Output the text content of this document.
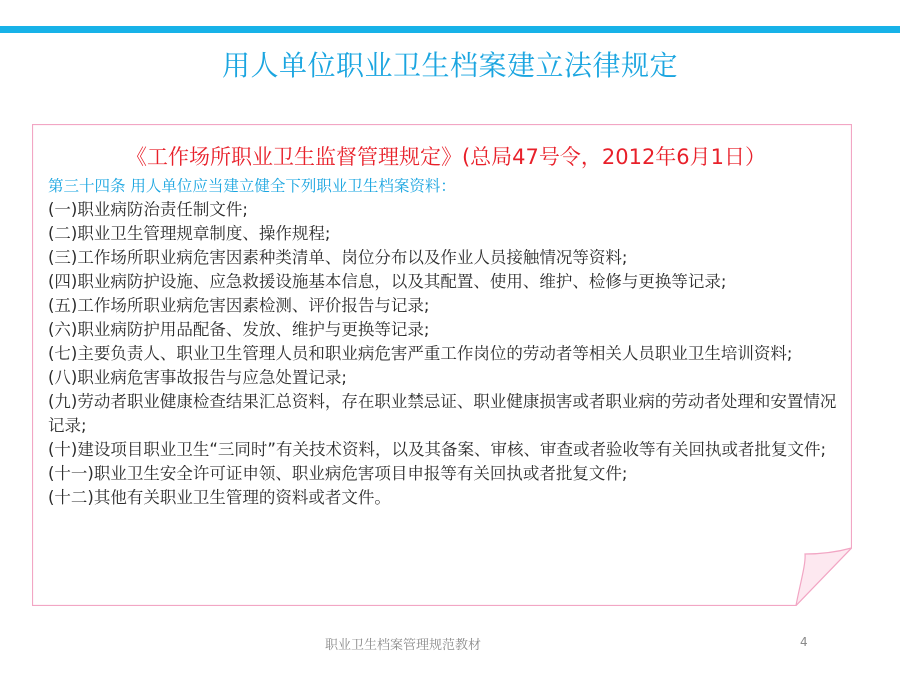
用人单位职业卫生档案建立法律规定
《工作场所职业卫生监督管理规定》(总局47号令，2012年6月1日）
第三十四条 用人单位应当建立健全下列职业卫生档案资料：
(一)职业病防治责任制文件;
(二)职业卫生管理规章制度、操作规程;
(三)工作场所职业病危害因素种类清单、岗位分布以及作业人员接触情况等资料;
(四)职业病防护设施、应急救援设施基本信息，以及其配置、使用、维护、检修与更换等记录;
(五)工作场所职业病危害因素检测、评价报告与记录;
(六)职业病防护用品配备、发放、维护与更换等记录;
(七)主要负责人、职业卫生管理人员和职业病危害严重工作岗位的劳动者等相关人员职业卫生培训资料;
(八)职业病危害事故报告与应急处置记录;
(九)劳动者职业健康检查结果汇总资料，存在职业禁忌证、职业健康损害或者职业病的劳动者处理和安置情况记录;
(十)建设项目职业卫生“三同时”有关技术资料，以及其备案、审核、审查或者验收等有关回执或者批复文件;
(十一)职业卫生安全许可证申领、职业病危害项目申报等有关回执或者批复文件;
(十二)其他有关职业卫生管理的资料或者文件。
职业卫生档案管理规范教材	4
